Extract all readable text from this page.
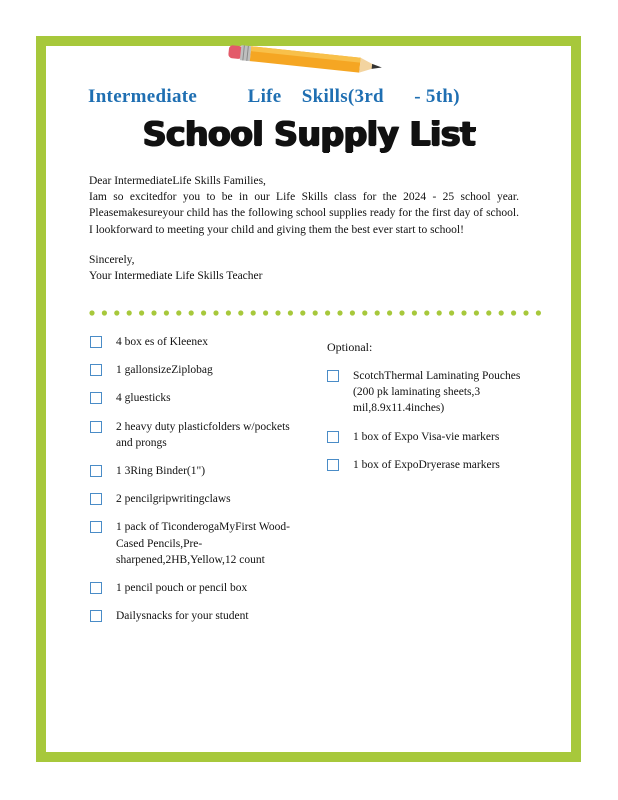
Intermediate          Life    Skills(3rd      - 5th)
School Supply List

Dear IntermediateLife Skills Families,

Iam so excitedfor you to be in our Life Skills class for the 2024 - 25 school year. Pleasemakesureyour child has the following school supplies ready for the first day of school. I lookforward to meeting your child and giving them the best ever start to school!

Sincerely,

Your Intermediate Life Skills Teacher

4 box es of Kleenex
1 gallonsizeZiplobag
4 gluesticks
2 heavy duty plasticfolders w/pockets and prongs
1 3Ring Binder(1")
2 pencilgripwritingclaws
1 pack of TiconderogaMyFirst Wood-Cased Pencils,Pre-sharpened,2HB,Yellow,12 count
1 pencil pouch or pencil box
Dailysnacks for your student
Optional:
ScotchThermal Laminating Pouches (200 pk laminating sheets,3 mil,8.9x11.4inches)
1 box of Expo Visa-vie markers
1 box of ExpoDryerase markers
